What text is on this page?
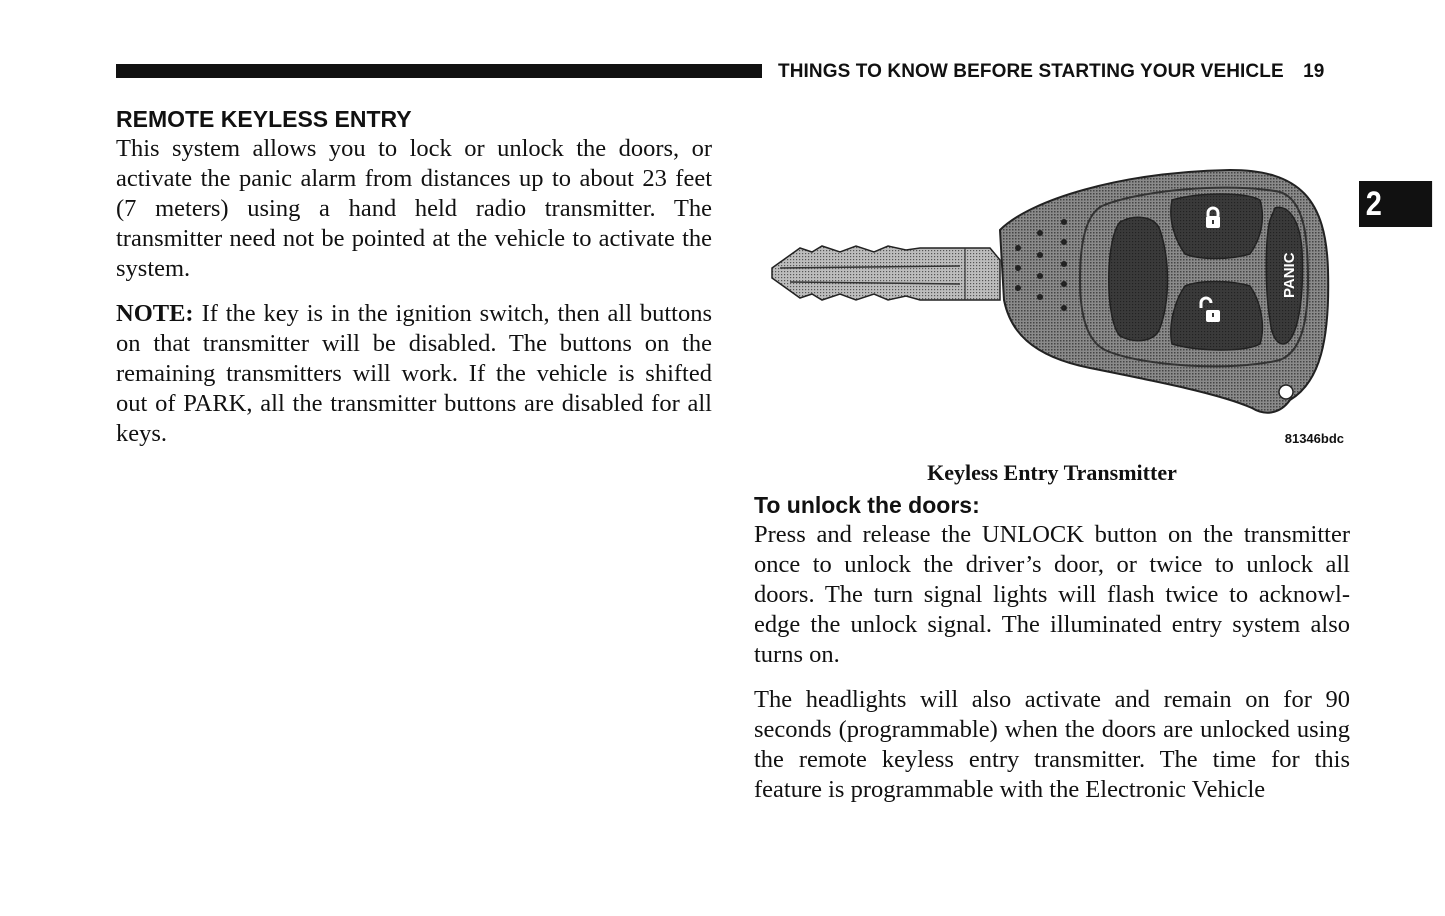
THINGS TO KNOW BEFORE STARTING YOUR VEHICLE 19
2
REMOTE KEYLESS ENTRY

This system allows you to lock or unlock the doors, or activate the panic alarm from distances up to about 23 feet (7 meters) using a hand held radio transmitter. The transmitter need not be pointed at the vehicle to activate the system.

NOTE: If the key is in the ignition switch, then all buttons on that transmitter will be disabled. The buttons on the remaining transmitters will work. If the vehicle is shifted out of PARK, all the transmitter buttons are disabled for all keys.

PANIC
81346bdc
Keyless Entry Transmitter
To unlock the doors:

Press and release the UNLOCK button on the transmitter once to unlock the driver’s door, or twice to unlock all doors. The turn signal lights will flash twice to acknowl-edge the unlock signal. The illuminated entry system also turns on.

The headlights will also activate and remain on for 90 seconds (programmable) when the doors are unlocked using the remote keyless entry transmitter. The time for this feature is programmable with the Electronic Vehicle
